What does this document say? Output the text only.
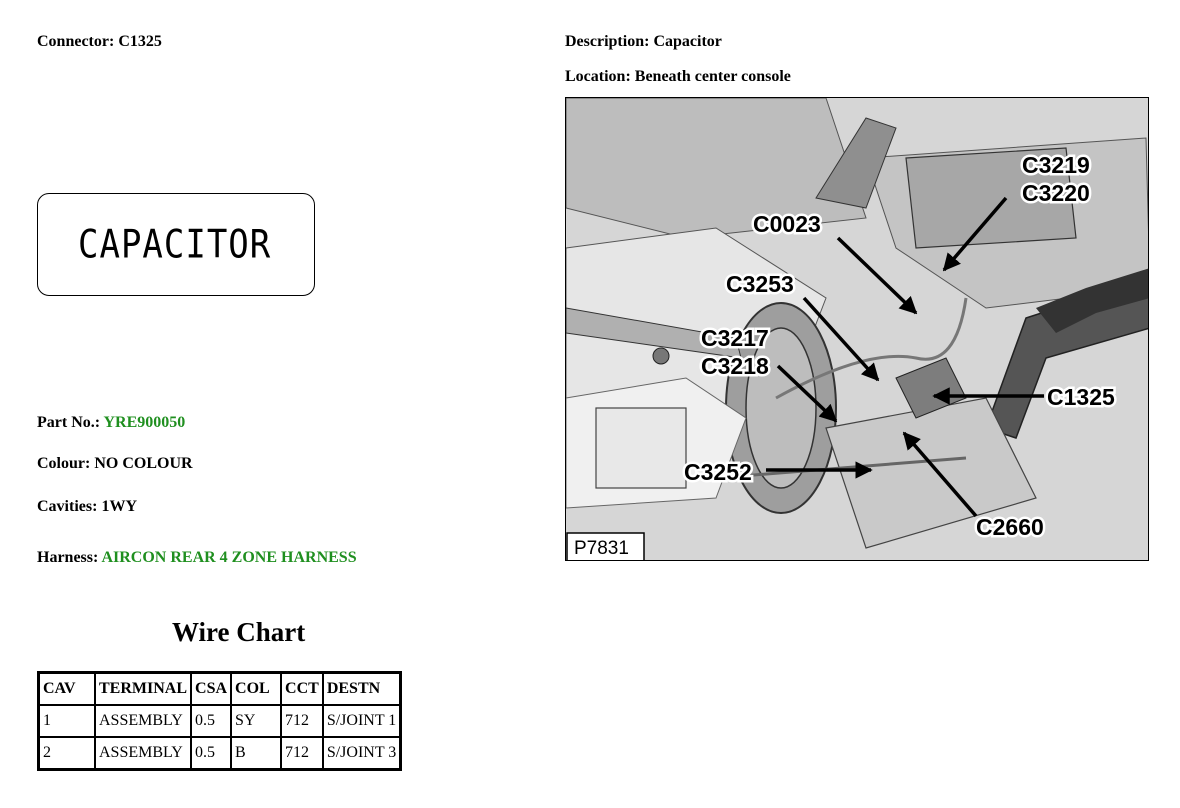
Connector: C1325	Description: Capacitor
Location: Beneath center console
CAPACITOR
Part No.: YRE900050
Colour: NO COLOUR
Cavities: 1WY
Harness: AIRCON REAR 4 ZONE HARNESS
Wire Chart
CAV	TERMINAL	CSA	COL	CCT	DESTN
1	ASSEMBLY	0.5	SY	712	S/JOINT 1
2	ASSEMBLY	0.5	B	712	S/JOINT 3
C3219
C3220
C0023
C3253
C3217
C3218
C1325
C3252
C2660
P7831
